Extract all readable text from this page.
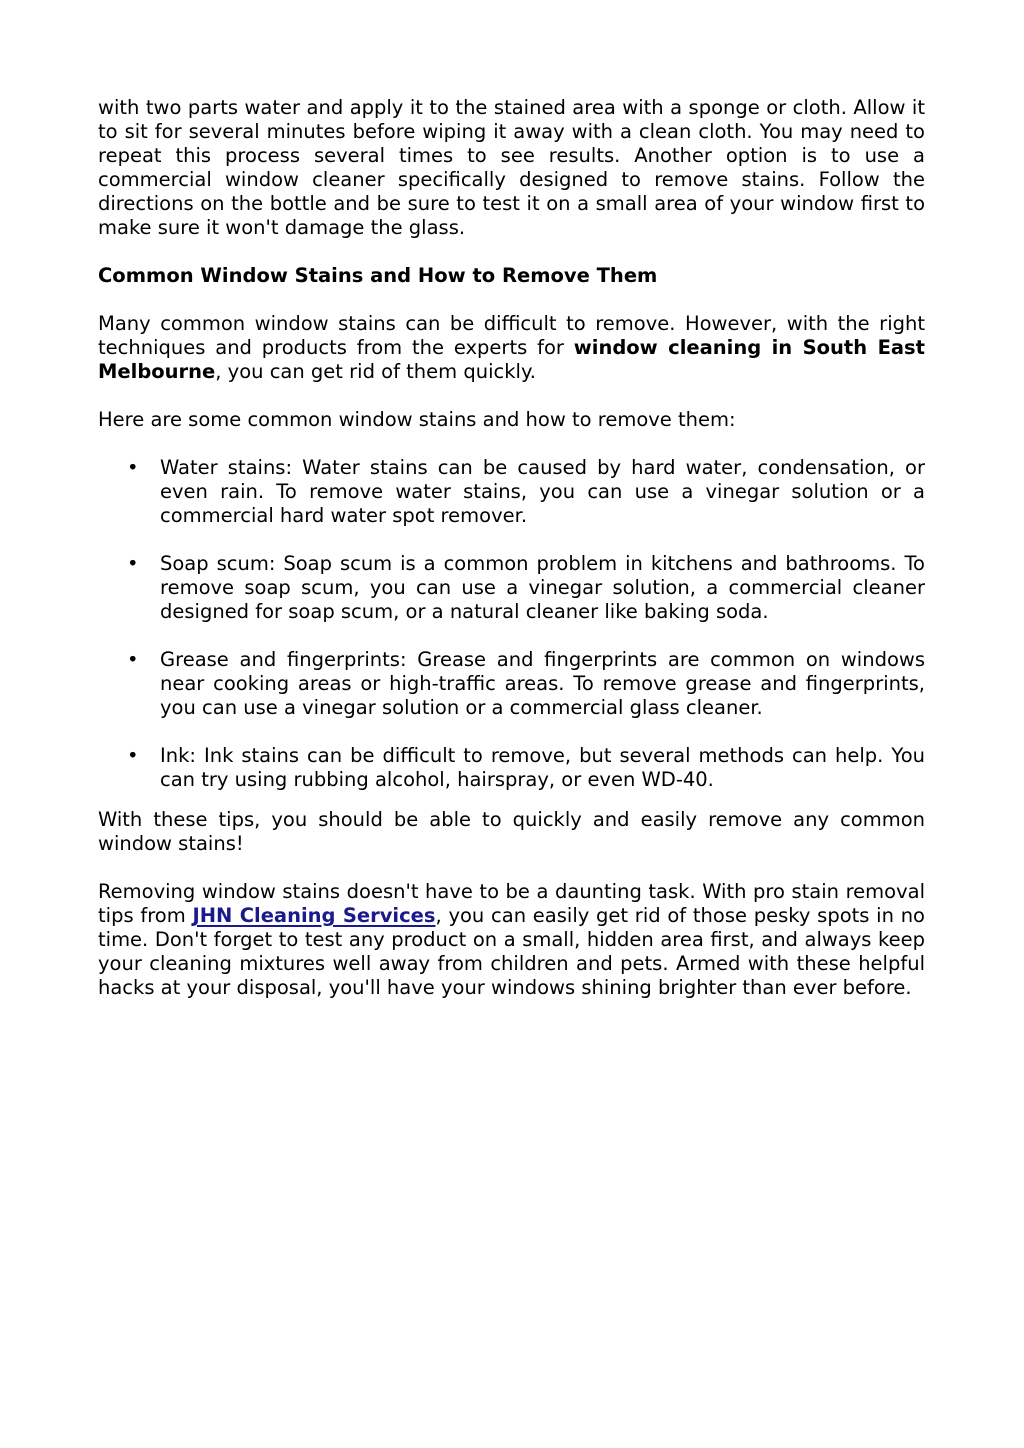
with two parts water and apply it to the stained area with a sponge or cloth. Allow it to sit for several minutes before wiping it away with a clean cloth. You may need to repeat this process several times to see results. Another option is to use a commercial window cleaner specifically designed to remove stains. Follow the directions on the bottle and be sure to test it on a small area of your window first to make sure it won't damage the glass.

Common Window Stains and How to Remove Them

Many common window stains can be difficult to remove. However, with the right techniques and products from the experts for window cleaning in South East Melbourne, you can get rid of them quickly.

Here are some common window stains and how to remove them:

• Water stains: Water stains can be caused by hard water, condensation, or even rain. To remove water stains, you can use a vinegar solution or a commercial hard water spot remover.
• Soap scum: Soap scum is a common problem in kitchens and bathrooms. To remove soap scum, you can use a vinegar solution, a commercial cleaner designed for soap scum, or a natural cleaner like baking soda.
• Grease and fingerprints: Grease and fingerprints are common on windows near cooking areas or high-traffic areas. To remove grease and fingerprints, you can use a vinegar solution or a commercial glass cleaner.
• Ink: Ink stains can be difficult to remove, but several methods can help. You can try using rubbing alcohol, hairspray, or even WD-40.

With these tips, you should be able to quickly and easily remove any common window stains!

Removing window stains doesn't have to be a daunting task. With pro stain removal tips from JHN Cleaning Services, you can easily get rid of those pesky spots in no time. Don't forget to test any product on a small, hidden area first, and always keep your cleaning mixtures well away from children and pets. Armed with these helpful hacks at your disposal, you'll have your windows shining brighter than ever before.
